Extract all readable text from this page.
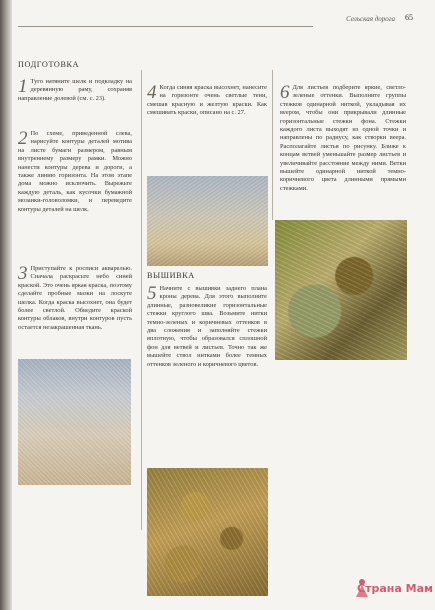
Сельская дорога 65
ПОДГОТОВКА
1 Туго натяните шелк и подкладку на деревянную раму, сохраняя направление долевой (см. с. 23).
2 По схеме, приведенной слева, нарисуйте контуры деталей мотива на листе бумаги размером, равным внутреннему размеру рамки. Можно нанести контуры дерева и дороги, а также линию горизонта. На этом этапе дома можно исключить. Вырежьте каждую деталь, как кусочки бумажной мозаики-головоломки, и переведите контуры деталей на шелк.
3 Приступайте к росписи акварелью. Сначала раскрасьте небо синей краской. Это очень яркая краска, поэтому сделайте пробные мазки на лоскуте шелка. Когда краска высохнет, она будет более светлой. Обведите краской контуры облаков, внутри контуров пусть остается незакрашенная ткань.
4 Когда синяя краска высохнет, нанесите на горизонте очень светлые тени, смешав красную и желтую краски. Как смешивать краски, описано на с. 27.
ВЫШИВКА
5 Начните с вышивки заднего плана кроны дерева. Для этого выполните длинные, разновеликие горизонтальные стежки круглого шва. Возьмите нитки темно-зеленых и коричневых оттенков в два сложения и заполняйте стежки вплотную, чтобы образовался сплошной фон для ветвей и листьев. Точно так же вышейте ствол нитками более темных оттенков зеленого и коричневого цветов.
6 Для листьев подберите яркие, светло-зеленые оттенки. Выполните группы стежков одинарной ниткой, укладывая их веером, чтобы они прикрывали длинные горизонтальные стежки фона. Стежки каждого листа выходят из одной точки и направлены по радиусу, как створки веера. Располагайте листья по рисунку. Ближе к концам ветвей уменьшайте размер листьев и увеличивайте расстояние между ними. Ветки вышейте одинарной ниткой темно-коричневого цвета длинными прямыми стежками.
Страна Мам
